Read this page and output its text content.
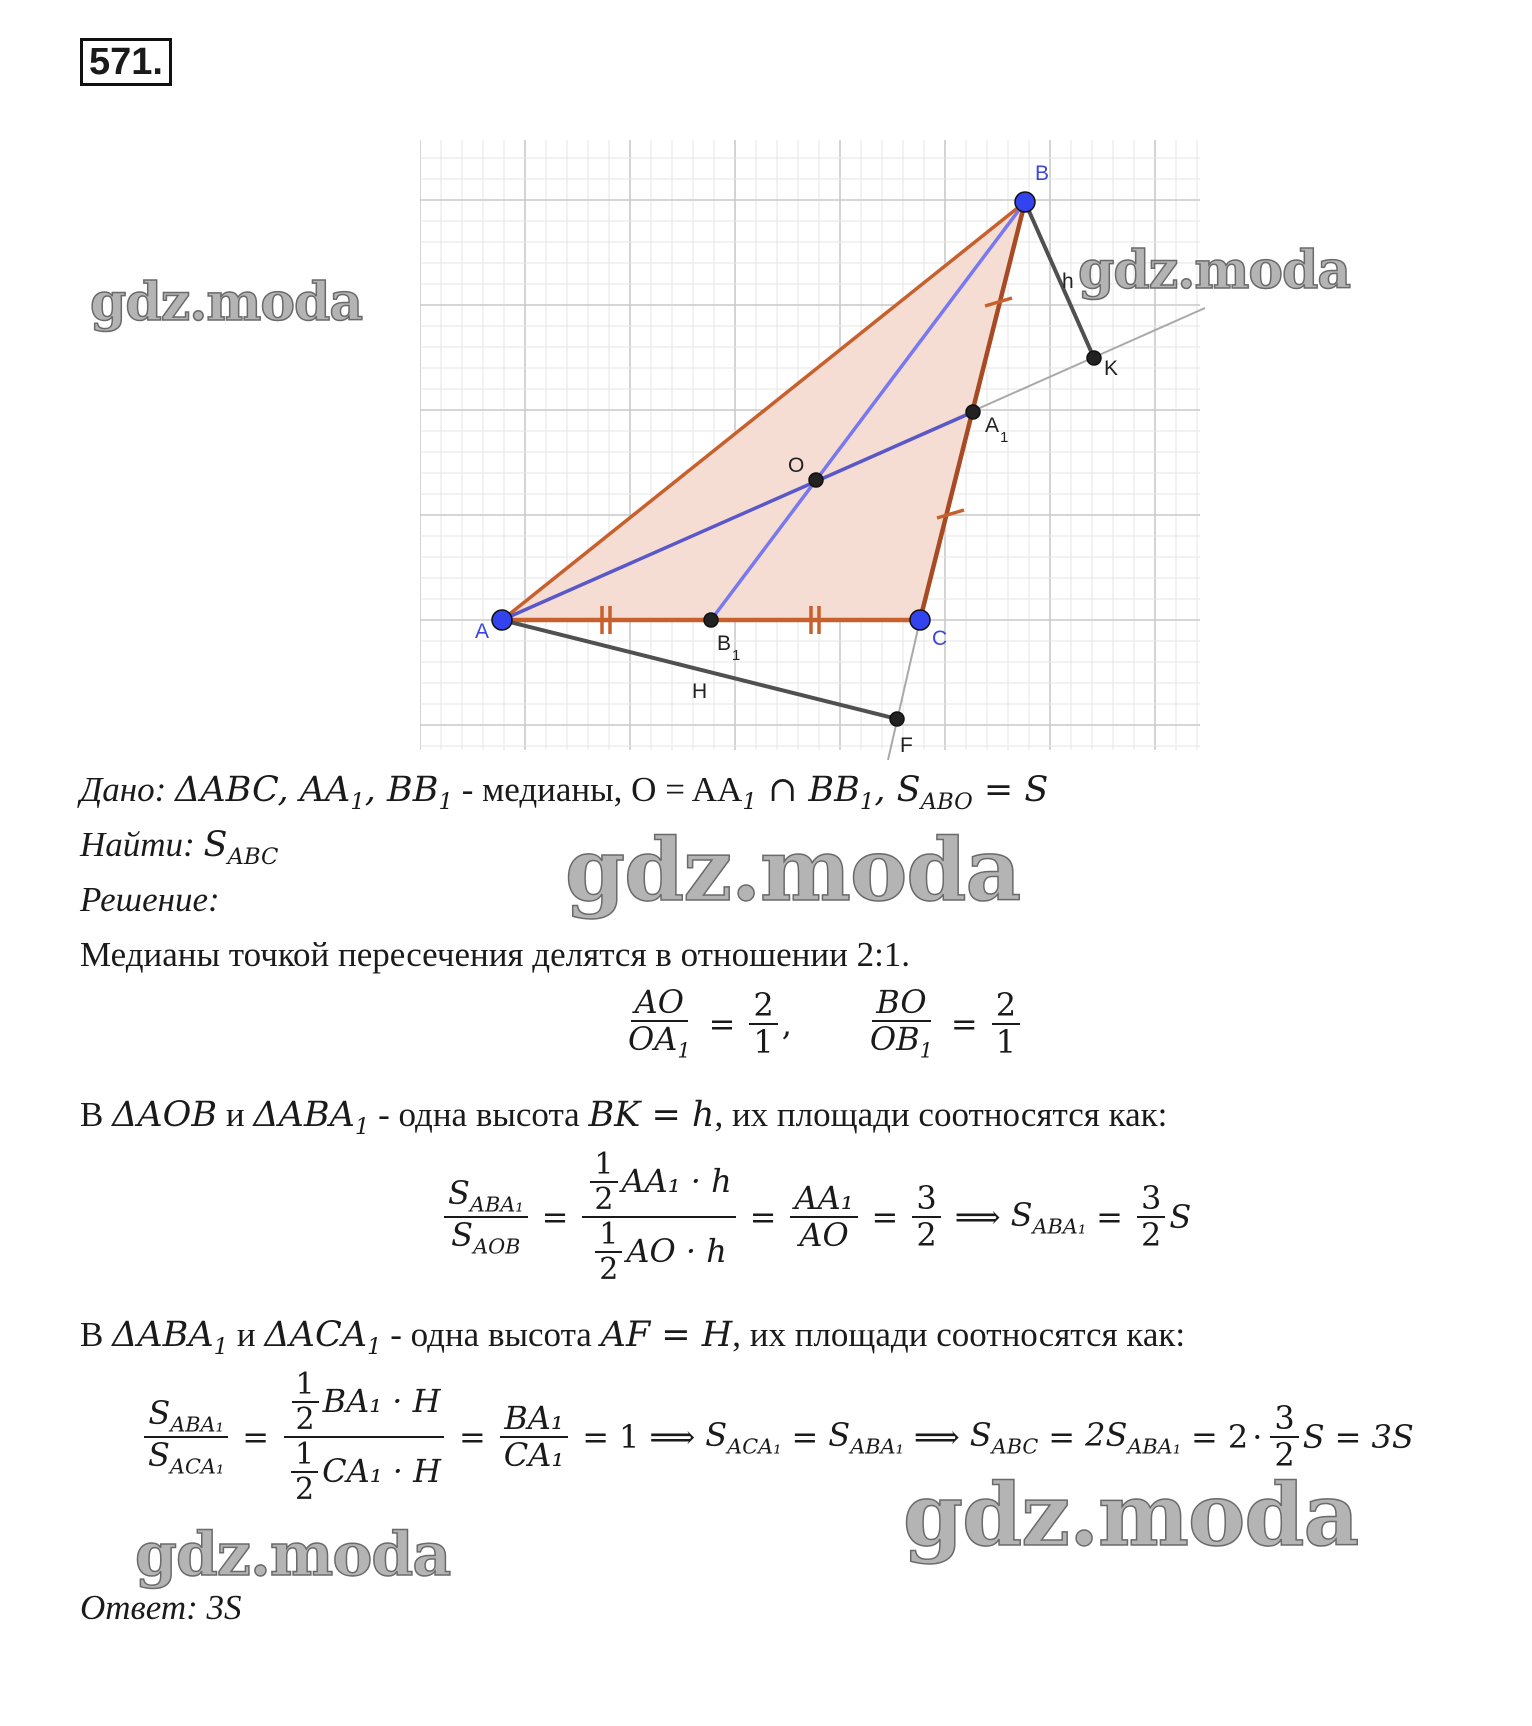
571.
A
B
C
O
A
1
B
1
K
H
F
h
gdz.moda
gdz.moda
gdz.moda
gdz.moda
gdz.moda
Дано: ΔABC, $AA_1$, $BB_1$ - медианы, $O = AA_1$ ∩ $BB_1$, $S_{ABO} = S$
Найти: $S_{ABC}$
Решение:
Медианы точкой пересечения делятся в отношении 2:1.
$\frac{AO}{OA_1} = \frac{2}{1}$ , $\frac{BO}{OB_1} = \frac{2}{1}$
В ΔAOB и $\Delta ABA_1$ - одна высота BK = h, их площади соотносятся как:
$\frac{S_{ABA_1}}{S_{AOB}} = \frac{\frac{1}{2} AA_1 \cdot h}{\frac{1}{2} AO \cdot h} = \frac{\text{AA₁}}{AO} = \frac{3}{2}$ ⟹ $S_{ABA_1} = \frac{3}{2}$ S
В $\Delta ABA_1$ и $\Delta ACA_1$ - одна высота AF = H, их площади соотносятся как:
$\frac{S_{ABA_1}}{S_{ACA_1}} = \frac{\frac{1}{2} BA_1 \cdot H}{\frac{1}{2} CA_1 \cdot H} = \frac{\text{BA₁}}{\text{CA₁}} = 1$ ⟹ $S_{ACA_1} = S_{ABA_1}$ ⟹ $S_{ABC} = 2S_{ABA_1} = 2 \cdot \frac{3}{2}$ S = 3S
Ответ: 3S
